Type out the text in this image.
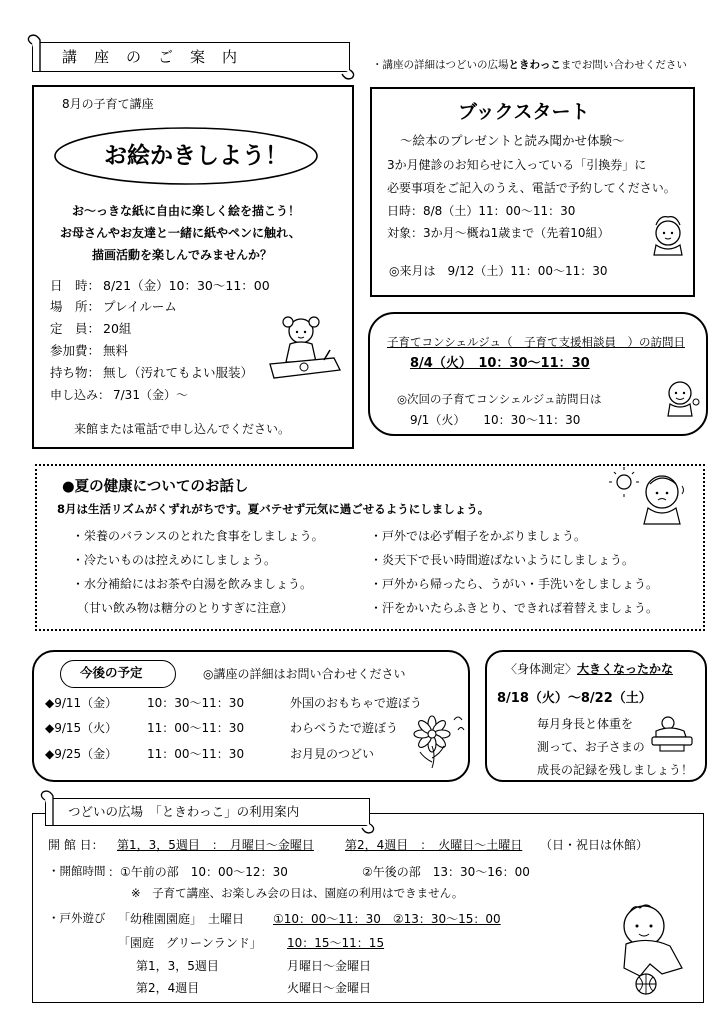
講　座　の　ご　案　内	・講座の詳細はつどいの広場ときわっこまでお問い合わせください
8月の子育て講座
お絵かきしよう！
お～っきな紙に自由に楽しく絵を描こう！
お母さんやお友達と一緒に紙やペンに触れ、
描画活動を楽しんでみませんか？
日　時： 8/21（金）10：30～11：00
場　所： プレイルーム
定　員： 20組
参加費： 無料
持ち物： 無し（汚れてもよい服装）
申し込み： 7/31（金）～
来館または電話で申し込んでください。
ブックスタート
～絵本のプレゼントと読み聞かせ体験～
3か月健診のお知らせに入っている「引換券」に
必要事項をご記入のうえ、電話で予約してください。
日時：8/8（土）11：00～11：30
対象：3か月～概ね1歳まで（先着10組）
◎来月は　9/12（土）11：00～11：30
子育てコンシェルジュ（　子育て支援相談員　）の訪問日
8/4（火）　10：30～11：30
◎次回の子育てコンシェルジュ訪問日は
9/1（火）　　10：30～11：30
●夏の健康についてのお話し
8月は生活リズムがくずれがちです。夏バテせず元気に過ごせるようにしましょう。
・栄養のバランスのとれた食事をしましょう。
・冷たいものは控えめにしましょう。
・水分補給にはお茶や白湯を飲みましょう。
（甘い飲み物は糖分のとりすぎに注意）
・戸外では必ず帽子をかぶりましょう。
・炎天下で長い時間遊ばないようにしましょう。
・戸外から帰ったら、うがい・手洗いをしましょう。
・汗をかいたらふきとり、できれば着替えましょう。
今後の予定	◎講座の詳細はお問い合わせください
◆9/11（金） 10：30～11：30	外国のおもちゃで遊ぼう
◆9/15（火） 11：00～11：30	わらべうたで遊ぼう
◆9/25（金） 11：00～11：30	お月見のつどい
〈身体測定〉大きくなったかな
8/18（火）～8/22（土）
毎月身長と体重を
測って、お子さまの
成長の記録を残しましょう！
つどいの広場　「ときわっこ」の利用案内
開 館 日： 第1，3，5週目　：　月曜日～金曜日	第2，4週目　：　火曜日～土曜日 （日・祝日は休館）
・開館時間 ：①午前の部　10：00～12：30	②午後の部　13：30～16：00
※　子育て講座、お楽しみ会の日は、園庭の利用はできません。
・戸外遊び 「幼稚園園庭」　土曜日 ①10：00～11：30　②13：30～15：00
「園庭　グリーンランド」 10：15～11：15
第1，3，5週目	月曜日～金曜日
第2，4週目	火曜日～金曜日
